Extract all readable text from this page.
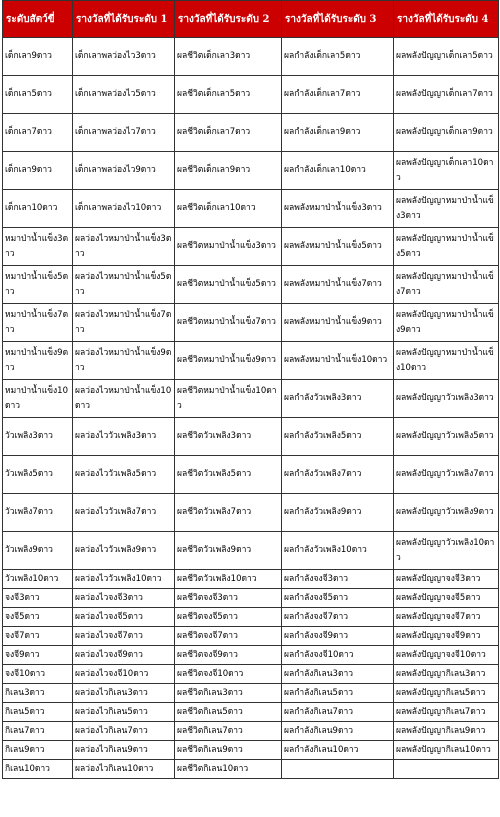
ระดับสัตว์ขี่	รางวัลที่ได้รับระดับ 1	รางวัลที่ได้รับระดับ 2	รางวัลที่ได้รับระดับ 3	รางวัลที่ได้รับระดับ 4
เด็กเลา9ดาว	เด็กเลาพลว่องไว3ดาว	ผลชีวิตเด็กเลา3ดาว	ผลกำลังเด็กเลา5ดาว	ผลพลังปัญญาเด็กเลา5ดาว
เด็กเลา5ดาว	เด็กเลาพลว่องไว5ดาว	ผลชีวิตเด็กเลา5ดาว	ผลกำลังเด็กเลา7ดาว	ผลพลังปัญญาเด็กเลา7ดาว
เด็กเลา7ดาว	เด็กเลาพลว่องไว7ดาว	ผลชีวิตเด็กเลา7ดาว	ผลกำลังเด็กเลา9ดาว	ผลพลังปัญญาเด็กเลา9ดาว
เด็กเลา9ดาว	เด็กเลาพลว่องไว9ดาว	ผลชีวิตเด็กเลา9ดาว	ผลกำลังเด็กเลา10ดาว	ผลพลังปัญญาเด็กเลา10ดาว
เด็กเลา10ดาว	เด็กเลาพลว่องไว10ดาว	ผลชีวิตเด็กเลา10ดาว	ผลพลังหมาป่าน้ำแข็ง3ดาว	ผลพลังปัญญาหมาป่าน้ำแข็ง3ดาว
หมาป่าน้ำแข็ง3ดาว	ผลว่องไวหมาป่าน้ำแข็ง3ดาว	ผลชีวิตหมาป่าน้ำแข็ง3ดาว	ผลพลังหมาป่าน้ำแข็ง5ดาว	ผลพลังปัญญาหมาป่าน้ำแข็ง5ดาว
หมาป่าน้ำแข็ง5ดาว	ผลว่องไวหมาป่าน้ำแข็ง5ดาว	ผลชีวิตหมาป่าน้ำแข็ง5ดาว	ผลพลังหมาป่าน้ำแข็ง7ดาว	ผลพลังปัญญาหมาป่าน้ำแข็ง7ดาว
หมาป่าน้ำแข็ง7ดาว	ผลว่องไวหมาป่าน้ำแข็ง7ดาว	ผลชีวิตหมาป่าน้ำแข็ง7ดาว	ผลพลังหมาป่าน้ำแข็ง9ดาว	ผลพลังปัญญาหมาป่าน้ำแข็ง9ดาว
หมาป่าน้ำแข็ง9ดาว	ผลว่องไวหมาป่าน้ำแข็ง9ดาว	ผลชีวิตหมาป่าน้ำแข็ง9ดาว	ผลพลังหมาป่าน้ำแข็ง10ดาว	ผลพลังปัญญาหมาป่าน้ำแข็ง10ดาว
หมาป่าน้ำแข็ง10ดาว	ผลว่องไวหมาป่าน้ำแข็ง10ดาว	ผลชีวิตหมาป่าน้ำแข็ง10ดาว	ผลกำลังวัวเพลิง3ดาว	ผลพลังปัญญาวัวเพลิง3ดาว
วัวเพลิง3ดาว	ผลว่องไววัวเพลิง3ดาว	ผลชีวิตวัวเพลิง3ดาว	ผลกำลังวัวเพลิง5ดาว	ผลพลังปัญญาวัวเพลิง5ดาว
วัวเพลิง5ดาว	ผลว่องไววัวเพลิง5ดาว	ผลชีวิตวัวเพลิง5ดาว	ผลกำลังวัวเพลิง7ดาว	ผลพลังปัญญาวัวเพลิง7ดาว
วัวเพลิง7ดาว	ผลว่องไววัวเพลิง7ดาว	ผลชีวิตวัวเพลิง7ดาว	ผลกำลังวัวเพลิง9ดาว	ผลพลังปัญญาวัวเพลิง9ดาว
วัวเพลิง9ดาว	ผลว่องไววัวเพลิง9ดาว	ผลชีวิตวัวเพลิง9ดาว	ผลกำลังวัวเพลิง10ดาว	ผลพลังปัญญาวัวเพลิง10ดาว
วัวเพลิง10ดาว	ผลว่องไววัวเพลิง10ดาว	ผลชีวิตวัวเพลิง10ดาว	ผลกำลังจงจี3ดาว	ผลพลังปัญญาจงจี3ดาว
จงจี3ดาว	ผลว่องไวจงจี3ดาว	ผลชีวิตจงจี3ดาว	ผลกำลังจงจี5ดาว	ผลพลังปัญญาจงจี5ดาว
จงจี5ดาว	ผลว่องไวจงจี5ดาว	ผลชีวิตจงจี5ดาว	ผลกำลังจงจี7ดาว	ผลพลังปัญญาจงจี7ดาว
จงจี7ดาว	ผลว่องไวจงจี7ดาว	ผลชีวิตจงจี7ดาว	ผลกำลังจงจี9ดาว	ผลพลังปัญญาจงจี9ดาว
จงจี9ดาว	ผลว่องไวจงจี9ดาว	ผลชีวิตจงจี9ดาว	ผลกำลังจงจี10ดาว	ผลพลังปัญญาจงจี10ดาว
จงจี10ดาว	ผลว่องไวจงจี10ดาว	ผลชีวิตจงจี10ดาว	ผลกำลังกิเลน3ดาว	ผลพลังปัญญากิเลน3ดาว
กิเลน3ดาว	ผลว่องไวกิเลน3ดาว	ผลชีวิตกิเลน3ดาว	ผลกำลังกิเลน5ดาว	ผลพลังปัญญากิเลน5ดาว
กิเลน5ดาว	ผลว่องไวกิเลน5ดาว	ผลชีวิตกิเลน5ดาว	ผลกำลังกิเลน7ดาว	ผลพลังปัญญากิเลน7ดาว
กิเลน7ดาว	ผลว่องไวกิเลน7ดาว	ผลชีวิตกิเลน7ดาว	ผลกำลังกิเลน9ดาว	ผลพลังปัญญากิเลน9ดาว
กิเลน9ดาว	ผลว่องไวกิเลน9ดาว	ผลชีวิตกิเลน9ดาว	ผลกำลังกิเลน10ดาว	ผลพลังปัญญากิเลน10ดาว
กิเลน10ดาว	ผลว่องไวกิเลน10ดาว	ผลชีวิตกิเลน10ดาว		
